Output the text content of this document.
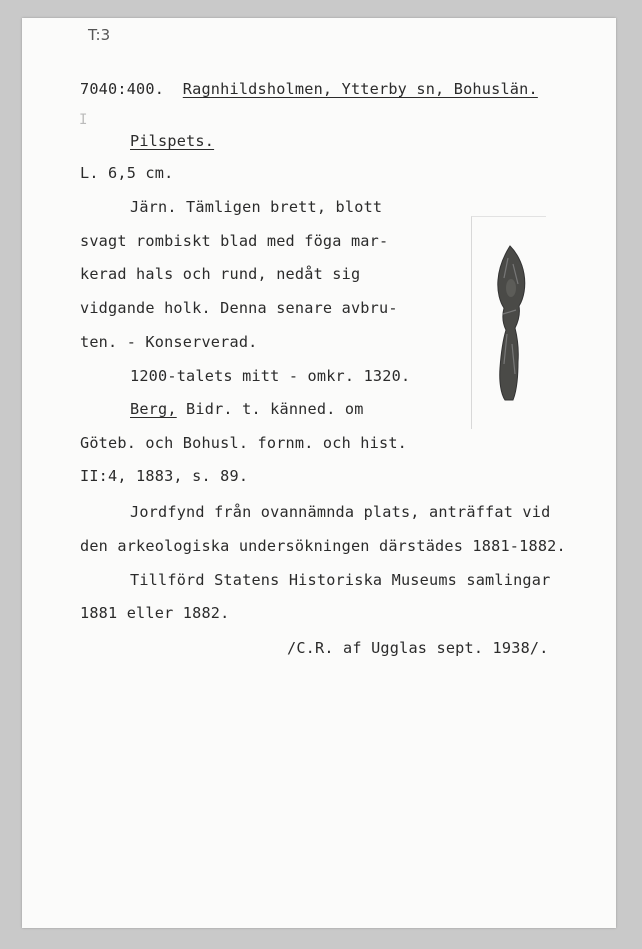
T:3
I
7040:400. Ragnhildsholmen, Ytterby sn, Bohuslän.
Pilspets.
L. 6,5 cm.
Järn. Tämligen brett, blott
svagt rombiskt blad med föga mar-
kerad hals och rund, nedåt sig
vidgande holk. Denna senare avbru-
ten. - Konserverad.
1200-talets mitt - omkr. 1320.
Berg, Bidr. t. känned. om
Göteb. och Bohusl. fornm. och hist.
II:4, 1883, s. 89.
Jordfynd från ovannämnda plats, anträffat vid
den arkeologiska undersökningen därstädes 1881-1882.
Tillförd Statens Historiska Museums samlingar
1881 eller 1882.
/C.R. af Ugglas sept. 1938/.
